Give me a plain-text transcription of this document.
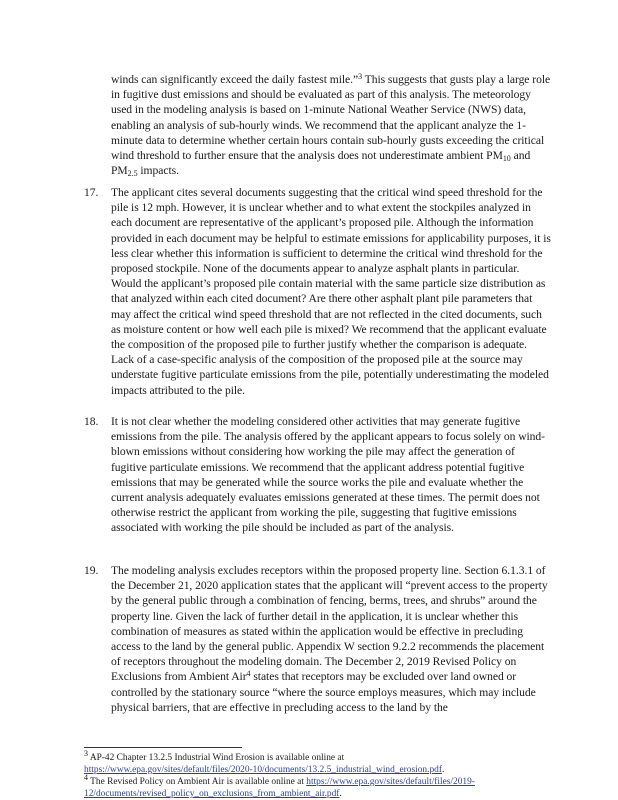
winds can significantly exceed the daily fastest mile.”$^3$ This suggests that gusts play a large role in fugitive dust emissions and should be evaluated as part of this analysis. The meteorology used in the modeling analysis is based on 1-minute National Weather Service (NWS) data, enabling an analysis of sub-hourly winds. We recommend that the applicant analyze the 1-minute data to determine whether certain hours contain sub-hourly gusts exceeding the critical wind threshold to further ensure that the analysis does not underestimate ambient $PM_{10}$ and $PM_{2.5}$ impacts.

17.	The applicant cites several documents suggesting that the critical wind speed threshold for the pile is 12 mph. However, it is unclear whether and to what extent the stockpiles analyzed in each document are representative of the applicant’s proposed pile. Although the information provided in each document may be helpful to estimate emissions for applicability purposes, it is less clear whether this information is sufficient to determine the critical wind threshold for the proposed stockpile. None of the documents appear to analyze asphalt plants in particular. Would the applicant’s proposed pile contain material with the same particle size distribution as that analyzed within each cited document? Are there other asphalt plant pile parameters that may affect the critical wind speed threshold that are not reflected in the cited documents, such as moisture content or how well each pile is mixed? We recommend that the applicant evaluate the composition of the proposed pile to further justify whether the comparison is adequate. Lack of a case-specific analysis of the composition of the proposed pile at the source may understate fugitive particulate emissions from the pile, potentially underestimating the modeled impacts attributed to the pile.

18.	It is not clear whether the modeling considered other activities that may generate fugitive emissions from the pile. The analysis offered by the applicant appears to focus solely on wind-blown emissions without considering how working the pile may affect the generation of fugitive particulate emissions. We recommend that the applicant address potential fugitive emissions that may be generated while the source works the pile and evaluate whether the current analysis adequately evaluates emissions generated at these times. The permit does not otherwise restrict the applicant from working the pile, suggesting that fugitive emissions associated with working the pile should be included as part of the analysis.

19.	The modeling analysis excludes receptors within the proposed property line. Section 6.1.3.1 of the December 21, 2020 application states that the applicant will “prevent access to the property by the general public through a combination of fencing, berms, trees, and shrubs” around the property line. Given the lack of further detail in the application, it is unclear whether this combination of measures as stated within the application would be effective in precluding access to the land by the general public. Appendix W section 9.2.2 recommends the placement of receptors throughout the modeling domain. The December 2, 2019 Revised Policy on Exclusions from Ambient Air$^4$ states that receptors may be excluded over land owned or controlled by the stationary source “where the source employs measures, which may include physical barriers, that are effective in precluding access to the land by the

$^3$ AP-42 Chapter 13.2.5 Industrial Wind Erosion is available online at
https://www.epa.gov/sites/default/files/2020-10/documents/13.2.5_industrial_wind_erosion.pdf.

$^4$ The Revised Policy on Ambient Air is available online at https://www.epa.gov/sites/default/files/2019-12/documents/revised_policy_on_exclusions_from_ambient_air.pdf.
